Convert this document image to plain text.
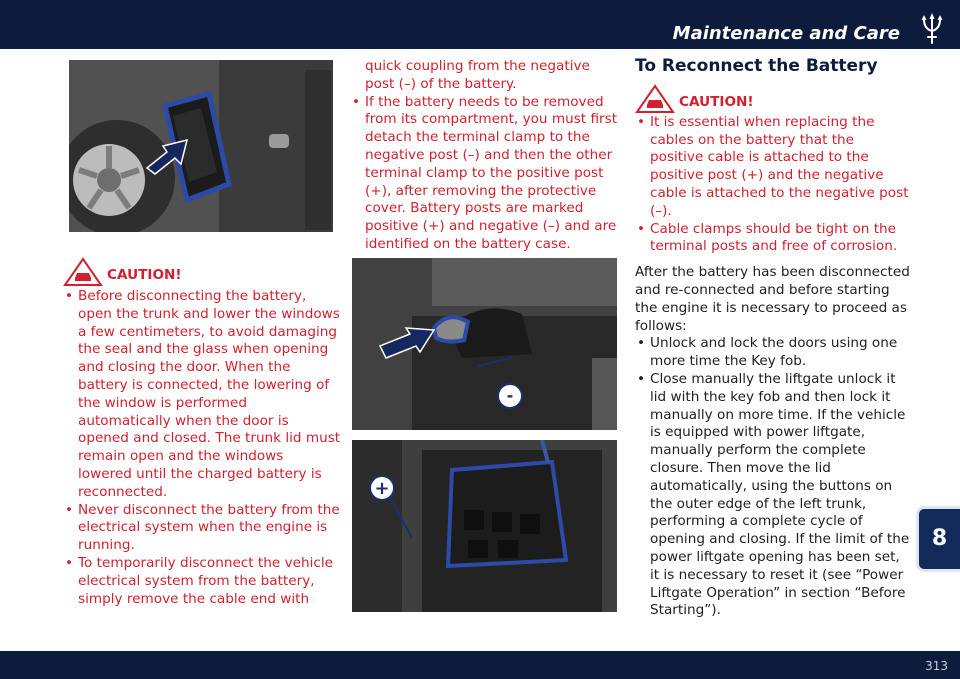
Maintenance and Care
CAUTION!

• Before disconnecting the battery, open the trunk and lower the windows a few centimeters, to avoid damaging the seal and the glass when opening and closing the door. When the battery is connected, the lowering of the window is performed automatically when the door is opened and closed. The trunk lid must remain open and the windows lowered until the charged battery is reconnected.

• Never disconnect the battery from the electrical system when the engine is running.

• To temporarily disconnect the vehicle electrical system from the battery, simply remove the cable end with

quick coupling from the negative post (–) of the battery.

• If the battery needs to be removed from its compartment, you must first detach the terminal clamp to the negative post (–) and then the other terminal clamp to the positive post (+), after removing the protective cover. Battery posts are marked positive (+) and negative (–) and are identified on the battery case.

-
+
To Reconnect the Battery
CAUTION!

• It is essential when replacing the cables on the battery that the positive cable is attached to the positive post (+) and the negative cable is attached to the negative post (–).

• Cable clamps should be tight on the terminal posts and free of corrosion.

After the battery has been disconnected and re-connected and before starting the engine it is necessary to proceed as follows:

• Unlock and lock the doors using one more time the Key fob.

• Close manually the liftgate unlock it lid with the key fob and then lock it manually on more time. If the vehicle is equipped with power liftgate, manually perform the complete closure. Then move the lid automatically, using the buttons on the outer edge of the left trunk, performing a complete cycle of opening and closing. If the limit of the power liftgate opening has been set, it is necessary to reset it (see “Power Liftgate Operation” in section “Before Starting”).

8
313
